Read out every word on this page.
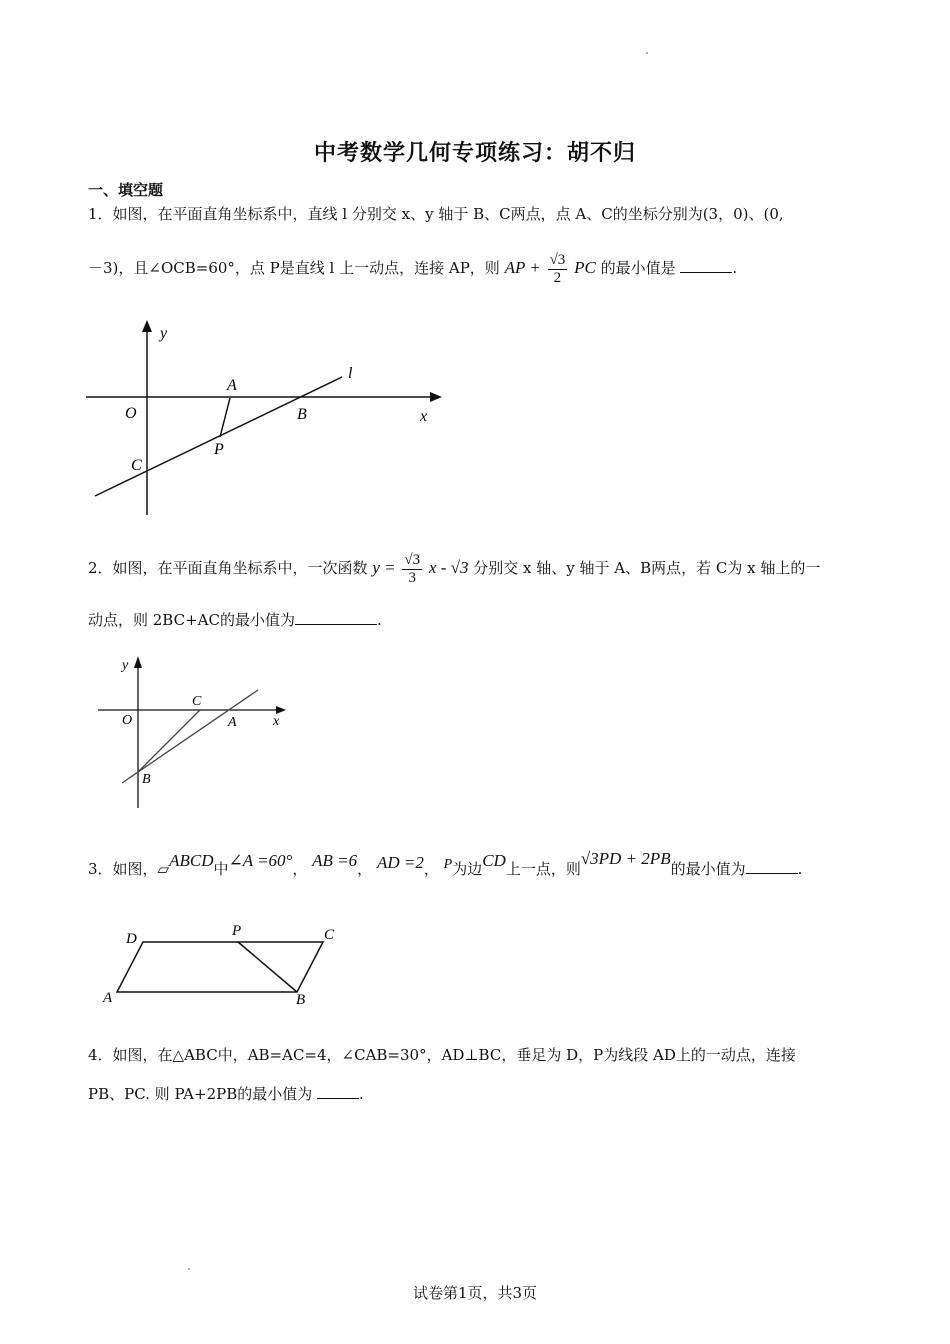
中考数学几何专项练习：胡不归
一、填空题
1．如图，在平面直角坐标系中，直线 l 分别交 x、y 轴于 B、C两点，点 A、C的坐标分别为(3，0)、(0,
－3)，且∠OCB=60°，点 P是直线 l 上一动点，连接 AP，则 AP + $\frac{√3}{2}$ PC 的最小值是	.
y
x
O
A
B
C
P
l
2．如图，在平面直角坐标系中，一次函数 $y = \frac{√3}{3}$ x - √3 分别交 x 轴、y 轴于 A、B两点，若 C为 x 轴上的一
动点，则 2BC+AC的最小值为	.
y
x
O	A
C
B
3．如图，▱ABCD中∠A =60°， AB =6， AD =2， P为边CD上一点，则√3PD + 2PB的最小值为	.
A	B
C
D	P
4．如图，在△ABC中，AB=AC=4，∠CAB=30°，AD⊥BC，垂足为 D，P为线段 AD上的一动点，连接
PB、PC. 则 PA+2PB的最小值为	.
试卷第1页，共3页
